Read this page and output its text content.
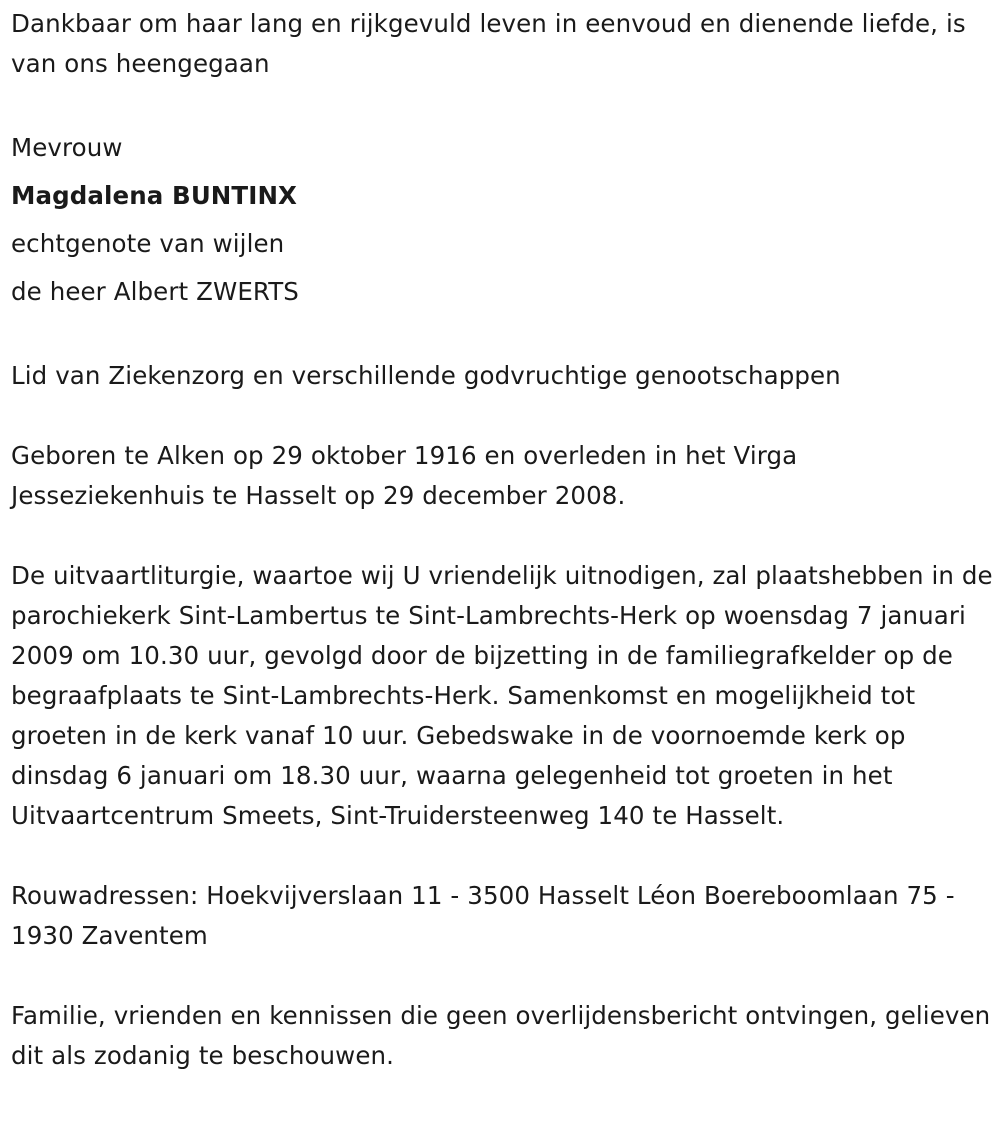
Dankbaar om haar lang en rijkgevuld leven in eenvoud en dienende liefde, is van ons heengegaan

Mevrouw

Magdalena BUNTINX

echtgenote van wijlen

de heer Albert ZWERTS

Lid van Ziekenzorg en verschillende godvruchtige genootschappen

Geboren te Alken op 29 oktober 1916 en overleden in het Virga Jesseziekenhuis te Hasselt op 29 december 2008.

De uitvaartliturgie, waartoe wij U vriendelijk uitnodigen, zal plaatshebben in de parochiekerk Sint-Lambertus te Sint-Lambrechts-Herk op woensdag 7 januari 2009 om 10.30 uur, gevolgd door de bijzetting in de familiegrafkelder op de begraafplaats te Sint-Lambrechts-Herk. Samenkomst en mogelijkheid tot groeten in de kerk vanaf 10 uur. Gebedswake in de voornoemde kerk op dinsdag 6 januari om 18.30 uur, waarna gelegenheid tot groeten in het Uitvaartcentrum Smeets, Sint-Truidersteenweg 140 te Hasselt.

Rouwadressen: Hoekvijverslaan 11 - 3500 Hasselt Léon Boereboomlaan 75 - 1930 Zaventem

Familie, vrienden en kennissen die geen overlijdensbericht ontvingen, gelieven dit als zodanig te beschouwen.
